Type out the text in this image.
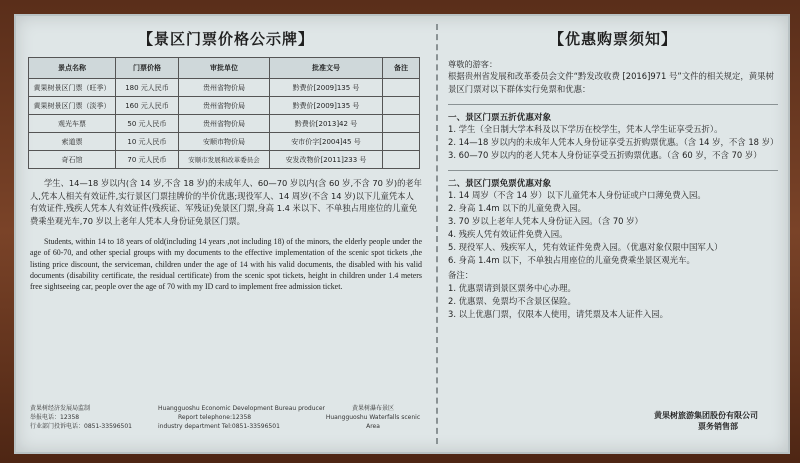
【景区门票价格公示牌】
景点名称	门票价格	审批单位	批准文号	备注
黄果树景区门票（旺季）	180 元人民币	贵州省物价局	黔费价[2009]135 号	
黄果树景区门票（淡季）	160 元人民币	贵州省物价局	黔费价[2009]135 号	
观光车票	50 元人民币	贵州省物价局	黔费价[2013]42 号	
索道票	10 元人民币	安顺市物价局	安市价字[2004]45 号	
奇石馆	70 元人民币	安顺市发展和改革委员会	安发改物价[2011]233 号	
学生、14—18 岁以内(含 14 岁,不含 18 岁)的未成年人、60—70 岁以内(含 60 岁,不含 70 岁)的老年人,凭本人相关有效证件,实行景区门票挂牌价的半价优惠;现役军人、14 周岁(不含 14 岁)以下儿童凭本人有效证件,残疾人凭本人有效证件(残疾证、军残证)免景区门票,身高 1.4 米以下、不单独占用座位的儿童免费乘坐观光车,70 岁以上老年人凭本人身份证免景区门票。
Students, within 14 to 18 years of old(including 14 years ,not including 18) of the minors, the elderly people under the age of 60-70, and other special groups with my documents to the effective implementation of the scenic spot tickets ,the listing price discount, the serviceman, children under the age of 14 with his valid documents, the disabled with his valid documents (disability certificate, the residual certificate) from the scenic spot tickets, height in children under 1.4 meters free sightseeing car, people over the age of 70 with my ID card to implement free admission ticket.
黄果树经济发展局监制
举报电话：12358
行业部门投诉电话：0851-33596501
Huangguoshu Economic Development Bureau producer
Report telephone:12358
industry department Tel:0851-33596501
黄果树瀑布景区
Huangguoshu Waterfalls scenic Area
【优惠购票须知】
尊敬的游客：
根据贵州省发展和改革委员会文件“黔发改收费 [2016]971 号”文件的相关规定，黄果树景区门票对以下群体实行免票和优惠：
一、景区门票五折优惠对象
1. 学生（全日制大学本科及以下学历在校学生，凭本人学生证享受五折）。
2. 14—18 岁以内的未成年人凭本人身份证享受五折购票优惠。（含 14 岁，不含 18 岁）
3. 60—70 岁以内的老人凭本人身份证享受五折购票优惠。（含 60 岁，不含 70 岁）
二、景区门票免票优惠对象
1. 14 周岁（不含 14 岁）以下儿童凭本人身份证或户口薄免费入园。
2. 身高 1.4m 以下的儿童免费入园。
3. 70 岁以上老年人凭本人身份证入园。（含 70 岁）
4. 残疾人凭有效证件免费入园。
5. 现役军人、残疾军人，凭有效证件免费入园。（优惠对象仅限中国军人）
6. 身高 1.4m 以下，不单独占用座位的儿童免费乘坐景区观光车。
备注：
1. 优惠票请到景区票务中心办理。
2. 优惠票、免票均不含景区保险。
3. 以上优惠门票，仅限本人使用，请凭票及本人证件入园。
黄果树旅游集团股份有限公司
票务销售部
